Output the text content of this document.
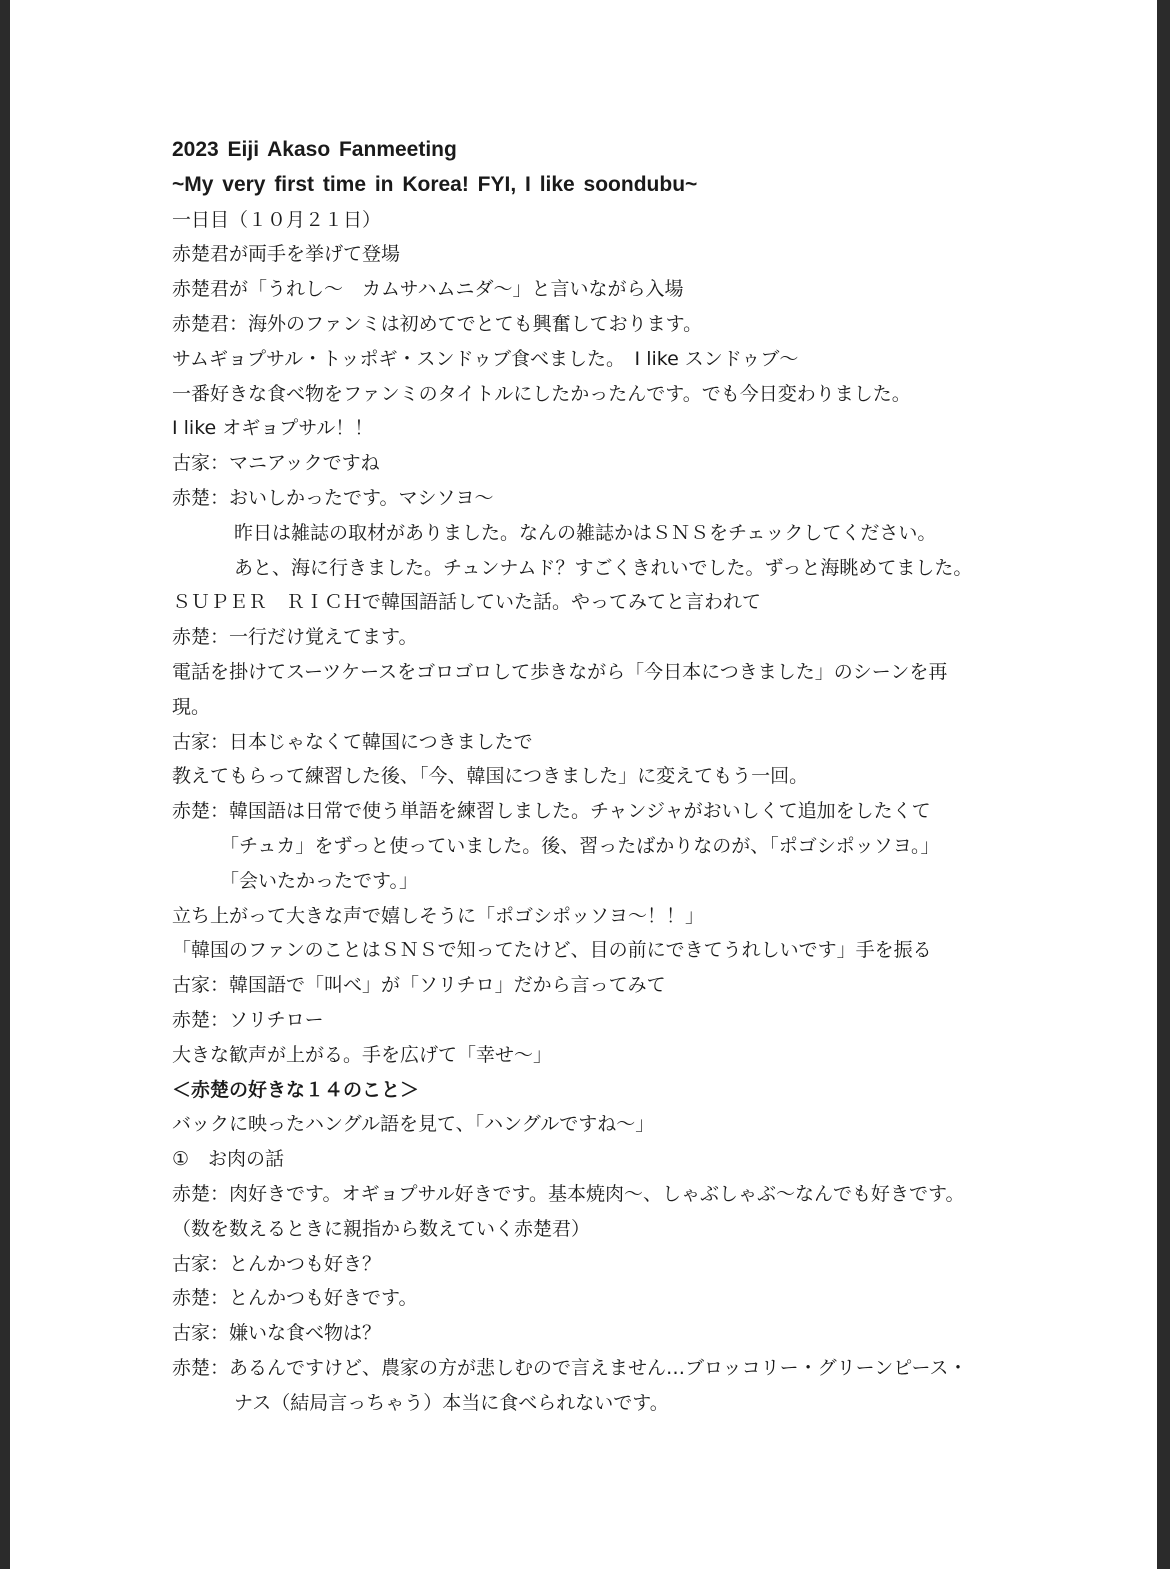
2023 Eiji Akaso Fanmeeting
~My very first time in Korea! FYI, I like soondubu~
一日目（１０月２１日）
赤楚君が両手を挙げて登場
赤楚君が「うれし～　カムサハムニダ～」と言いながら入場
赤楚君：海外のファンミは初めてでとても興奮しております。
サムギョプサル・トッポギ・スンドゥブ食べました。　I like スンドゥブ～
一番好きな食べ物をファンミのタイトルにしたかったんです。でも今日変わりました。
I like オギョプサル！！
古家：マニアックですね
赤楚：おいしかったです。マシソヨ～
昨日は雑誌の取材がありました。なんの雑誌かはＳＮＳをチェックしてください。
あと、海に行きました。チュンナムド？すごくきれいでした。ずっと海眺めてました。
ＳＵＰＥＲ　ＲＩＣＨで韓国語話していた話。やってみてと言われて
赤楚：一行だけ覚えてます。
電話を掛けてスーツケースをゴロゴロして歩きながら「今日本につきました」のシーンを再
現。
古家：日本じゃなくて韓国につきましたで
教えてもらって練習した後、「今、韓国につきました」に変えてもう一回。
赤楚：韓国語は日常で使う単語を練習しました。チャンジャがおいしくて追加をしたくて
「チュカ」をずっと使っていました。後、習ったばかりなのが、「ポゴシポッソヨ。」
「会いたかったです。」
立ち上がって大きな声で嬉しそうに「ポゴシポッソヨ～！！」
「韓国のファンのことはＳＮＳで知ってたけど、目の前にできてうれしいです」手を振る
古家：韓国語で「叫べ」が「ソリチロ」だから言ってみて
赤楚：ソリチロー
大きな歓声が上がる。手を広げて「幸せ～」
＜赤楚の好きな１４のこと＞
バックに映ったハングル語を見て、「ハングルですね～」
①　お肉の話
赤楚：肉好きです。オギョプサル好きです。基本焼肉～、しゃぶしゃぶ～なんでも好きです。
（数を数えるときに親指から数えていく赤楚君）
古家：とんかつも好き？
赤楚：とんかつも好きです。
古家：嫌いな食べ物は？
赤楚：あるんですけど、農家の方が悲しむので言えません…ブロッコリー・グリーンピース・
ナス（結局言っちゃう）本当に食べられないです。
